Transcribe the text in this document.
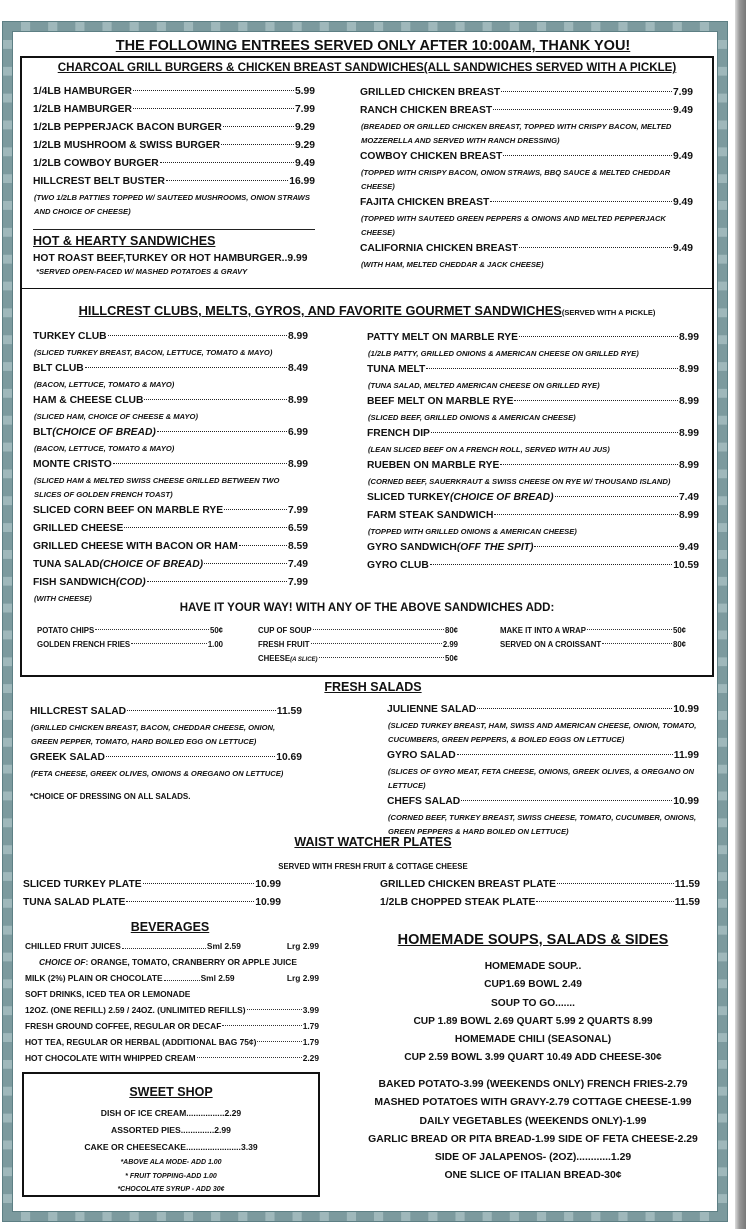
THE FOLLOWING ENTREES SERVED ONLY AFTER 10:00AM, THANK YOU!
CHARCOAL GRILL BURGERS & CHICKEN BREAST SANDWICHES(ALL SANDWICHES SERVED WITH A PICKLE)
1/4LB HAMBURGER	5.99
1/2LB HAMBURGER	7.99
1/2LB PEPPERJACK BACON BURGER	9.29
1/2LB MUSHROOM & SWISS BURGER	9.29
1/2LB COWBOY BURGER	9.49
HILLCREST BELT BUSTER	16.99
(TWO 1/2LB PATTIES TOPPED W/ SAUTEED MUSHROOMS, ONION STRAWS AND CHOICE OF CHEESE)
GRILLED CHICKEN BREAST	7.99
RANCH CHICKEN BREAST	9.49
(BREADED OR GRILLED CHICKEN BREAST, TOPPED WITH CRISPY BACON, MELTED MOZZERELLA AND SERVED WITH RANCH DRESSING)
COWBOY CHICKEN BREAST	9.49
(TOPPED WITH CRISPY BACON, ONION STRAWS, BBQ SAUCE & MELTED CHEDDAR CHEESE)
FAJITA CHICKEN BREAST	9.49
(TOPPED WITH SAUTEED GREEN PEPPERS & ONIONS AND MELTED PEPPERJACK CHEESE)
CALIFORNIA CHICKEN BREAST	9.49
(WITH HAM, MELTED CHEDDAR & JACK CHEESE)
HOT & HEARTY SANDWICHES
HOT ROAST BEEF,TURKEY OR HOT HAMBURGER..9.99
*SERVED OPEN-FACED W/ MASHED POTATOES & GRAVY
HILLCREST CLUBS, MELTS, GYROS, AND FAVORITE GOURMET SANDWICHES(SERVED WITH A PICKLE)
TURKEY CLUB	8.99
(SLICED TURKEY BREAST, BACON, LETTUCE, TOMATO & MAYO)
BLT CLUB	8.49
(BACON, LETTUCE, TOMATO & MAYO)
HAM & CHEESE CLUB	8.99
(SLICED HAM, CHOICE OF CHEESE & MAYO)
BLT (CHOICE OF BREAD)	6.99
(BACON, LETTUCE, TOMATO & MAYO)
MONTE CRISTO	8.99
(SLICED HAM & MELTED SWISS CHEESE GRILLED BETWEEN TWO SLICES OF GOLDEN FRENCH TOAST)
SLICED CORN BEEF ON MARBLE RYE	7.99
GRILLED CHEESE	6.59
GRILLED CHEESE WITH BACON OR HAM	8.59
TUNA SALAD (CHOICE OF BREAD)	7.49
FISH SANDWICH (COD)	7.99
(WITH CHEESE)
PATTY MELT ON MARBLE RYE	8.99
(1/2LB PATTY, GRILLED ONIONS & AMERICAN CHEESE ON GRILLED RYE)
TUNA MELT	8.99
(TUNA SALAD, MELTED AMERICAN CHEESE ON GRILLED RYE)
BEEF MELT ON MARBLE RYE	8.99
(SLICED BEEF, GRILLED ONIONS & AMERICAN CHEESE)
FRENCH DIP	8.99
(LEAN SLICED BEEF ON A FRENCH ROLL, SERVED WITH AU JUS)
RUEBEN ON MARBLE RYE	8.99
(CORNED BEEF, SAUERKRAUT & SWISS CHEESE ON RYE W/ THOUSAND ISLAND)
SLICED TURKEY (CHOICE OF BREAD)	7.49
FARM STEAK SANDWICH	8.99
(TOPPED WITH GRILLED ONIONS & AMERICAN CHEESE)
GYRO SANDWICH (OFF THE SPIT)	9.49
GYRO CLUB	10.59
HAVE IT YOUR WAY! WITH ANY OF THE ABOVE SANDWICHES ADD:
POTATO CHIPS	50¢
GOLDEN FRENCH FRIES	1.00
CUP OF SOUP	80¢
FRESH FRUIT	2.99
CHEESE (A SLICE)	50¢
MAKE IT INTO A WRAP	50¢
SERVED ON A CROISSANT	80¢
FRESH SALADS
HILLCREST SALAD	11.59
(GRILLED CHICKEN BREAST, BACON, CHEDDAR CHEESE, ONION, GREEN PEPPER, TOMATO, HARD BOILED EGG ON LETTUCE)
GREEK SALAD	10.69
(FETA CHEESE, GREEK OLIVES, ONIONS & OREGANO ON LETTUCE)
*CHOICE OF DRESSING ON ALL SALADS.
JULIENNE SALAD	10.99
(SLICED TURKEY BREAST, HAM, SWISS AND AMERICAN CHEESE, ONION, TOMATO, CUCUMBERS, GREEN PEPPERS, & BOILED EGGS ON LETTUCE)
GYRO SALAD	11.99
(SLICES OF GYRO MEAT, FETA CHEESE, ONIONS, GREEK OLIVES, & OREGANO ON LETTUCE)
CHEFS SALAD	10.99
(CORNED BEEF, TURKEY BREAST, SWISS CHEESE, TOMATO, CUCUMBER, ONIONS, GREEN PEPPERS & HARD BOILED ON LETTUCE)
WAIST WATCHER PLATES
SERVED WITH FRESH FRUIT & COTTAGE CHEESE
SLICED TURKEY PLATE	10.99
TUNA SALAD PLATE	10.99
GRILLED CHICKEN BREAST PLATE	11.59
1/2LB CHOPPED STEAK PLATE	11.59
BEVERAGES
CHILLED FRUIT JUICES	Sml 2.59	Lrg 2.99
CHOICE OF: ORANGE, TOMATO, CRANBERRY OR APPLE JUICE
MILK (2%) PLAIN OR CHOCOLATE	Sml 2.59	Lrg 2.99
SOFT DRINKS, ICED TEA OR LEMONADE
12OZ. (ONE REFILL) 2.59 / 24OZ. (UNLIMITED REFILLS)	3.99
FRESH GROUND COFFEE, REGULAR OR DECAF	1.79
HOT TEA, REGULAR OR HERBAL (ADDITIONAL BAG 75¢)	1.79
HOT CHOCOLATE WITH WHIPPED CREAM	2.29
SWEET SHOP
DISH OF ICE CREAM................2.29
ASSORTED PIES..............2.99
CAKE OR CHEESECAKE.......................3.39
*ABOVE ALA MODE- ADD 1.00
* FRUIT TOPPING-ADD 1.00
*CHOCOLATE SYRUP - ADD 30¢
HOMEMADE SOUPS, SALADS & SIDES
HOMEMADE SOUP..
CUP1.69 BOWL 2.49
SOUP TO GO.......
CUP 1.89 BOWL 2.69 QUART 5.99 2 QUARTS 8.99
HOMEMADE CHILI (SEASONAL)
CUP 2.59 BOWL 3.99 QUART 10.49 ADD CHEESE-30¢
BAKED POTATO-3.99 (WEEKENDS ONLY) FRENCH FRIES-2.79
MASHED POTATOES WITH GRAVY-2.79 COTTAGE CHEESE-1.99
DAILY VEGETABLES (WEEKENDS ONLY)-1.99
GARLIC BREAD OR PITA BREAD-1.99 SIDE OF FETA CHEESE-2.29
SIDE OF JALAPENOS- (2OZ)............1.29
ONE SLICE OF ITALIAN BREAD-30¢
